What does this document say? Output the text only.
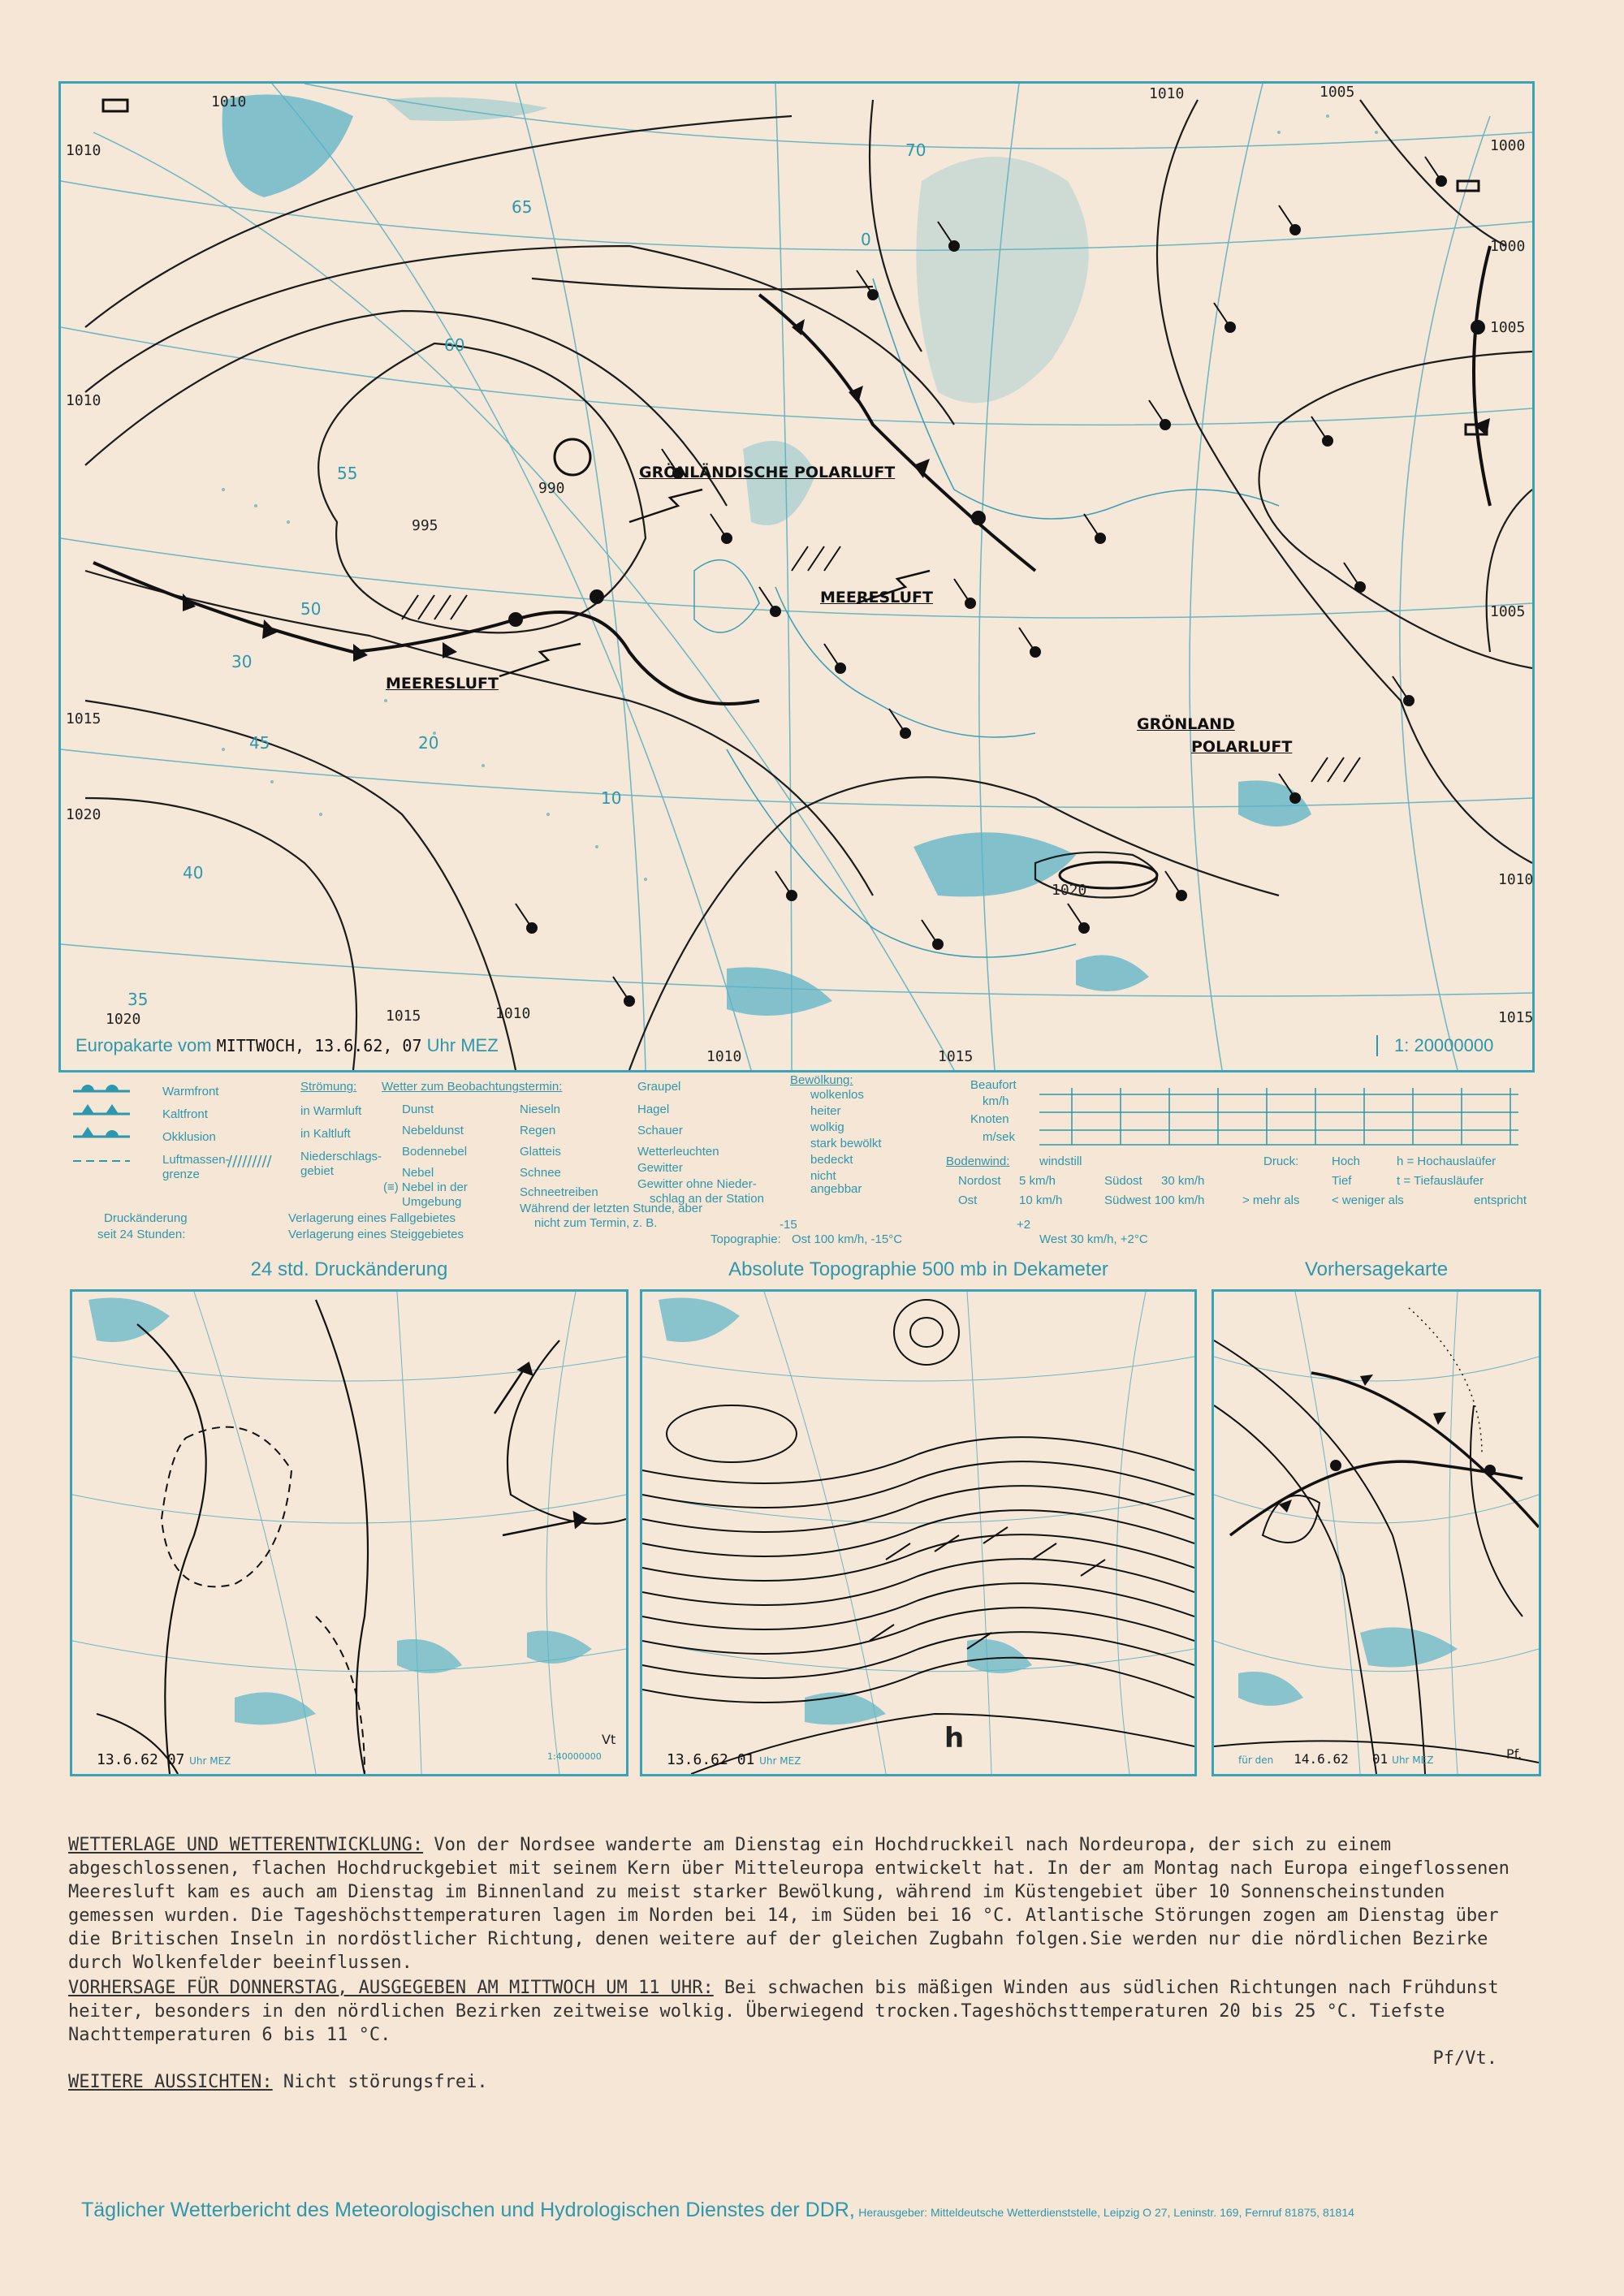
1010
1010
1010	1005
1000
1000
1005
1005
1010
1015
1020
1020	1015	1010
1010	1015
1015
1010
1020
995
990
70
65
60
55
50
45
40
35
30
20
10
0
GRÖNLÄNDISCHE POLARLUFT
MEERESLUFT
MEERESLUFT
GRÖNLAND
POLARLUFT
Europakarte vom MITTWOCH, 13.6.62, 07 Uhr MEZ	1: 20000000
Warmfront
Kaltfront
Okklusion
Luftmassen-
grenze
Strömung:
in Warmluft
in Kaltluft
Niederschlags-
gebiet
/////////
Wetter zum Beobachtungstermin:
Dunst
Nebeldunst
Bodennebel
Nebel
(≡) Nebel in der
Umgebung
Nieseln
Regen
Glatteis
Schnee
Schneetreiben
Während der letzten Stunde, aber
nicht zum Termin, z. B.
Graupel
Hagel
Schauer
Wetterleuchten
Gewitter
Gewitter ohne Nieder-
schlag an der Station
Bewölkung:
wolkenlos
heiter
wolkig
stark bewölkt
bedeckt
nicht
angebbar
Beaufort
km/h
Knoten
m/sek
Bodenwind: windstill
Nordost 5 km/h	Südost 30 km/h
Ost	10 km/h	Südwest 100 km/h
Druck:	Hoch	h = Hochauslaüfer
Tief	t = Tiefausläufer
> mehr als	< weniger als	entspricht
Druckänderung
seit 24 Stunden:
Verlagerung eines Fallgebietes
Verlagerung eines Steiggebietes	Topographie:
-15
Ost 100 km/h, -15°C
+2
West 30 km/h, +2°C
24 std. Druckänderung
13.6.62 07 Uhr MEZ
Vt
1:40000000
Absolute Topographie 500 mb in Dekameter
h
13.6.62 01 Uhr MEZ
Vorhersagekarte
für den 14.6.62 01 Uhr MEZ	Pf.

WETTERLAGE UND WETTERENTWICKLUNG: Von der Nordsee wanderte am Dienstag ein Hochdruckkeil nach Nordeuropa, der sich zu einem abgeschlossenen, flachen Hochdruckgebiet mit seinem Kern über Mitteleuropa entwickelt hat. In der am Montag nach Europa eingeflossenen Meeresluft kam es auch am Dienstag im Binnenland zu meist starker Bewölkung, während im Küstengebiet über 10 Sonnenscheinstunden gemessen wurden. Die Tageshöchsttemperaturen lagen im Norden bei 14, im Süden bei 16 °C. Atlantische Störungen zogen am Dienstag über die Britischen Inseln in nordöstlicher Richtung, denen weitere auf der gleichen Zugbahn folgen.Sie werden nur die nördlichen Bezirke durch Wolkenfelder beeinflussen.

VORHERSAGE FÜR DONNERSTAG, AUSGEGEBEN AM MITTWOCH UM 11 UHR: Bei schwachen bis mäßigen Winden aus südlichen Richtungen nach Frühdunst heiter, besonders in den nördlichen Bezirken zeitweise wolkig. Überwiegend trocken.Tageshöchsttemperaturen 20 bis 25 °C. Tiefste Nachttemperaturen 6 bis 11 °C.

Pf/Vt.

WEITERE AUSSICHTEN: Nicht störungsfrei.

Täglicher Wetterbericht des Meteorologischen und Hydrologischen Dienstes der DDR, Herausgeber: Mitteldeutsche Wetterdienststelle, Leipzig O 27, Leninstr. 169, Fernruf 81875, 81814
